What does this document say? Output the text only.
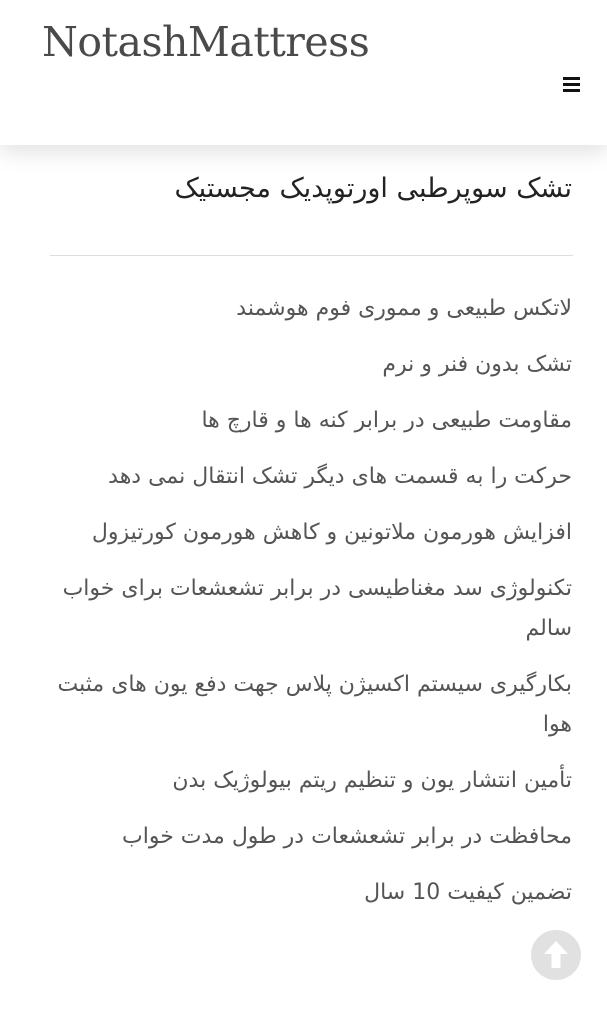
NotashMattress
تشک سوپرطبی اورتوپدیک مجستیک
لاتکس طبیعی و مموری فوم هوشمند
تشک بدون فنر و نرم
مقاومت طبیعی در برابر کنه ها و قارچ ها
حرکت را به قسمت های دیگر تشک انتقال نمی دهد
افزایش هورمون ملاتونین و کاهش هورمون کورتیزول
تکنولوژی سد مغناطیسی در برابر تشعشعات برای خواب سالم
بکارگیری سیستم اکسیژن پلاس جهت دفع یون های مثبت هوا
تأمین انتشار یون و تنظیم ریتم بیولوژیک بدن
محافظت در برابر تشعشعات در طول مدت خواب
تضمین کیفیت 10 سال
